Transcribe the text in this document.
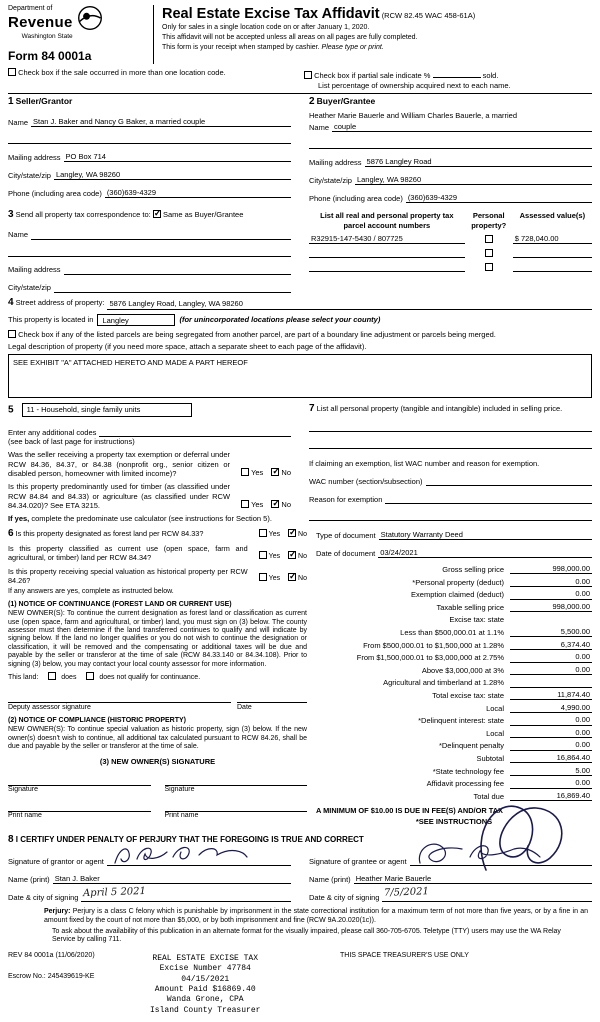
Department of
Revenue
Washington State
Form 84 0001a
Real Estate Excise Tax Affidavit (RCW 82.45 WAC 458-61A)
Only for sales in a single location code on or after January 1, 2020.
This affidavit will not be accepted unless all areas on all pages are fully completed.
This form is your receipt when stamped by cashier. Please type or print.
Check box if the sale occurred in more than one location code.	Check box if partial sale indicate %	sold.
List percentage of ownership acquired next to each name.
1 Seller/Grantor
Name Stan J. Baker and Nancy G Baker, a married couple
Mailing address PO Box 714
City/state/zip Langley, WA 98260
Phone (including area code) (360)639-4329
2 Buyer/Grantee
Heather Marie Bauerle and William Charles Bauerle, a married
Name couple
Mailing address 5876 Langley Road
City/state/zip Langley, WA 98260
Phone (including area code) (360)639-4329
3 Send all property tax correspondence to: ✓ Same as Buyer/Grantee
Name
Mailing address
City/state/zip
List all real and personal property tax parcel account numbers
Personal property?
Assessed value(s)
R32915-147-5430 / 807725	$ 728,040.00
4 Street address of property: 5876 Langley Road, Langley, WA 98260
This property is located in	Langley	(for unincorporated locations please select your county)
Check box if any of the listed parcels are being segregated from another parcel, are part of a boundary line adjustment or parcels being merged.
Legal description of property (if you need more space, attach a separate sheet to each page of the affidavit).
SEE EXHIBIT "A" ATTACHED HERETO AND MADE A PART HEREOF
5 11 - Household, single family units
Enter any additional codes
(see back of last page for instructions)
Was the seller receiving a property tax exemption or deferral under RCW 84.36, 84.37, or 84.38 (nonprofit org., senior citizen or disabled person, homeowner with limited income)?	Yes ✓ No
Is this property predominantly used for timber (as classified under RCW 84.84 and 84.33) or agriculture (as classified under RCW 84.34.020)? See ETA 3215.	Yes ✓ No
If yes, complete the predominate use calculator (see instructions for Section 5).
7 List all personal property (tangible and intangible) included in selling price.
If claiming an exemption, list WAC number and reason for exemption.
WAC number (section/subsection)
Reason for exemption
6 Is this property designated as forest land per RCW 84.33?	Yes ✓	No
Is this property classified as current use (open space, farm and agricultural, or timber) land per RCW 84.34?	Yes ✓	No
Is this property receiving special valuation as historical property per RCW 84.26?	Yes ✓	No
If any answers are yes, complete as instructed below.
(1) NOTICE OF CONTINUANCE (FOREST LAND OR CURRENT USE)
NEW OWNER(S): To continue the current designation as forest land or classification as current use (open space, farm and agricultural, or timber) land, you must sign on (3) below. The county assessor must then determine if the land transferred continues to qualify and will indicate by signing below. If the land no longer qualifies or you do not wish to continue the designation or classification, it will be removed and the compensating or additional taxes will be due and payable by the seller or transferor at the time of sale (RCW 84.33.140 or 84.34.108). Prior to signing (3) below, you may contact your local county assessor for more information.
This land:	does	does not qualify for continuance.
Deputy assessor signature	Date
(2) NOTICE OF COMPLIANCE (HISTORIC PROPERTY)
NEW OWNER(S): To continue special valuation as historic property, sign (3) below. If the new owner(s) doesn't wish to continue, all additional tax calculated pursuant to RCW 84.26, shall be due and payable by the seller or transferor at the time of sale.
(3) NEW OWNER(S) SIGNATURE
Signature	Signature
Print name	Print name
Type of document Statutory Warranty Deed
Date of document 03/24/2021
Gross selling price	998,000.00
*Personal property (deduct)	0.00
Exemption claimed (deduct)	0.00
Taxable selling price	998,000.00
Excise tax: state
Less than $500,000.01 at 1.1%	5,500.00
From $500,000.01 to $1,500,000 at 1.28%	6,374.40
From $1,500,000.01 to $3,000,000 at 2.75%	0.00
Above $3,000,000 at 3%	0.00
Agricultural and timberland at 1.28%
Total excise tax: state	11,874.40
Local	4,990.00
*Delinquent interest: state	0.00
Local	0.00
*Delinquent penalty	0.00
Subtotal	16,864.40
*State technology fee	5.00
Affidavit processing fee	0.00
Total due	16,869.40
A MINIMUM OF $10.00 IS DUE IN FEE(S) AND/OR TAX
*SEE INSTRUCTIONS
8 I CERTIFY UNDER PENALTY OF PERJURY THAT THE FOREGOING IS TRUE AND CORRECT
Signature of grantor or agent
Name (print) Stan J. Baker
Date & city of signing April 5 2021
Signature of grantee or agent
Name (print) Heather Marie Bauerle
Date & city of signing 7/5/2021
Perjury: Perjury is a class C felony which is punishable by imprisonment in the state correctional institution for a maximum term of not more than five years, or by a fine in an amount fixed by the court of not more than $5,000, or by both imprisonment and fine (RCW 9A.20.020(1c)).
To ask about the availability of this publication in an alternate format for the visually impaired, please call 360-705-6705. Teletype (TTY) users may use the WA Relay Service by calling 711.
REV 84 0001a (11/06/2020)
Escrow No.: 245439619-KE
REAL ESTATE EXCISE TAX
Excise Number 47784
04/15/2021
Amount Paid $16869.40
Wanda Grone, CPA
Island County Treasurer
THIS SPACE TREASURER'S USE ONLY
